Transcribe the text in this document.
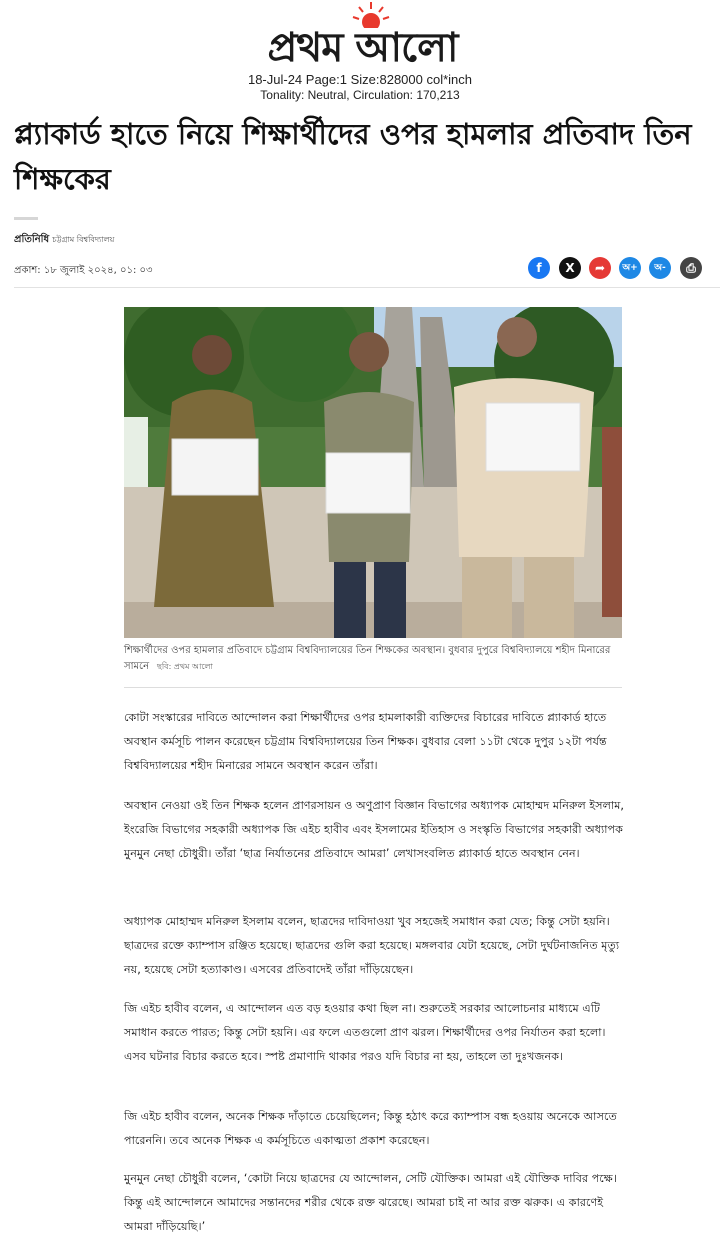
প্রথম আলো
18-Jul-24 Page:1 Size:828000 col*inch
Tonality: Neutral, Circulation: 170,213
প্ল্যাকার্ড হাতে নিয়ে শিক্ষার্থীদের ওপর হামলার প্রতিবাদ তিন শিক্ষকের
প্রতিনিধি চট্টগ্রাম বিশ্ববিদ্যালয়
প্রকাশ: ১৮ জুলাই ২০২৪, ০১: ০৩	f	X	➦	অ+	অ-	⎙
শিক্ষার্থীদের ওপর হামলার প্রতিবাদে চট্টগ্রাম বিশ্ববিদ্যালয়ের তিন শিক্ষকের অবস্থান। বুধবার দুপুরে বিশ্ববিদ্যালয়ে শহীদ মিনারের সামনে ছবি: প্রথম আলো

কোটা সংস্কারের দাবিতে আন্দোলন করা শিক্ষার্থীদের ওপর হামলাকারী ব্যক্তিদের বিচারের দাবিতে প্ল্যাকার্ড হাতে অবস্থান কর্মসূচি পালন করেছেন চট্টগ্রাম বিশ্ববিদ্যালয়ের তিন শিক্ষক। বুধবার বেলা ১১টা থেকে দুপুর ১২টা পর্যন্ত বিশ্ববিদ্যালয়ের শহীদ মিনারের সামনে অবস্থান করেন তাঁরা।

অবস্থান নেওয়া ওই তিন শিক্ষক হলেন প্রাণরসায়ন ও অণুপ্রাণ বিজ্ঞান বিভাগের অধ্যাপক মোহাম্মদ মনিরুল ইসলাম, ইংরেজি বিভাগের সহকারী অধ্যাপক জি এইচ হাবীব এবং ইসলামের ইতিহাস ও সংস্কৃতি বিভাগের সহকারী অধ্যাপক মুনমুন নেছা চৌধুরী। তাঁরা ‘ছাত্র নির্যাতনের প্রতিবাদে আমরা’ লেখাসংবলিত প্ল্যাকার্ড হাতে অবস্থান নেন।

অধ্যাপক মোহাম্মদ মনিরুল ইসলাম বলেন, ছাত্রদের দাবিদাওয়া খুব সহজেই সমাধান করা যেত; কিন্তু সেটা হয়নি। ছাত্রদের রক্তে ক্যাম্পাস রঞ্জিত হয়েছে। ছাত্রদের গুলি করা হয়েছে। মঙ্গলবার যেটা হয়েছে, সেটা দুর্ঘটনাজনিত মৃত্যু নয়, হয়েছে সেটা হত্যাকাণ্ড। এসবের প্রতিবাদেই তাঁরা দাঁড়িয়েছেন।

জি এইচ হাবীব বলেন, এ আন্দোলন এত বড় হওয়ার কথা ছিল না। শুরুতেই সরকার আলোচনার মাধ্যমে এটি সমাধান করতে পারত; কিন্তু সেটা হয়নি। এর ফলে এতগুলো প্রাণ ঝরল। শিক্ষার্থীদের ওপর নির্যাতন করা হলো। এসব ঘটনার বিচার করতে হবে। স্পষ্ট প্রমাণাদি থাকার পরও যদি বিচার না হয়, তাহলে তা দুঃখজনক।

জি এইচ হাবীব বলেন, অনেক শিক্ষক দাঁড়াতে চেয়েছিলেন; কিন্তু হঠাৎ করে ক্যাম্পাস বন্ধ হওয়ায় অনেকে আসতে পারেননি। তবে অনেক শিক্ষক এ কর্মসূচিতে একাত্মতা প্রকাশ করেছেন।

মুনমুন নেছা চৌধুরী বলেন, ‘কোটা নিয়ে ছাত্রদের যে আন্দোলন, সেটি যৌক্তিক। আমরা এই যৌক্তিক দাবির পক্ষে। কিন্তু এই আন্দোলনে আমাদের সন্তানদের শরীর থেকে রক্ত ঝরেছে। আমরা চাই না আর রক্ত ঝরুক। এ কারণেই আমরা দাঁড়িয়েছি।’
